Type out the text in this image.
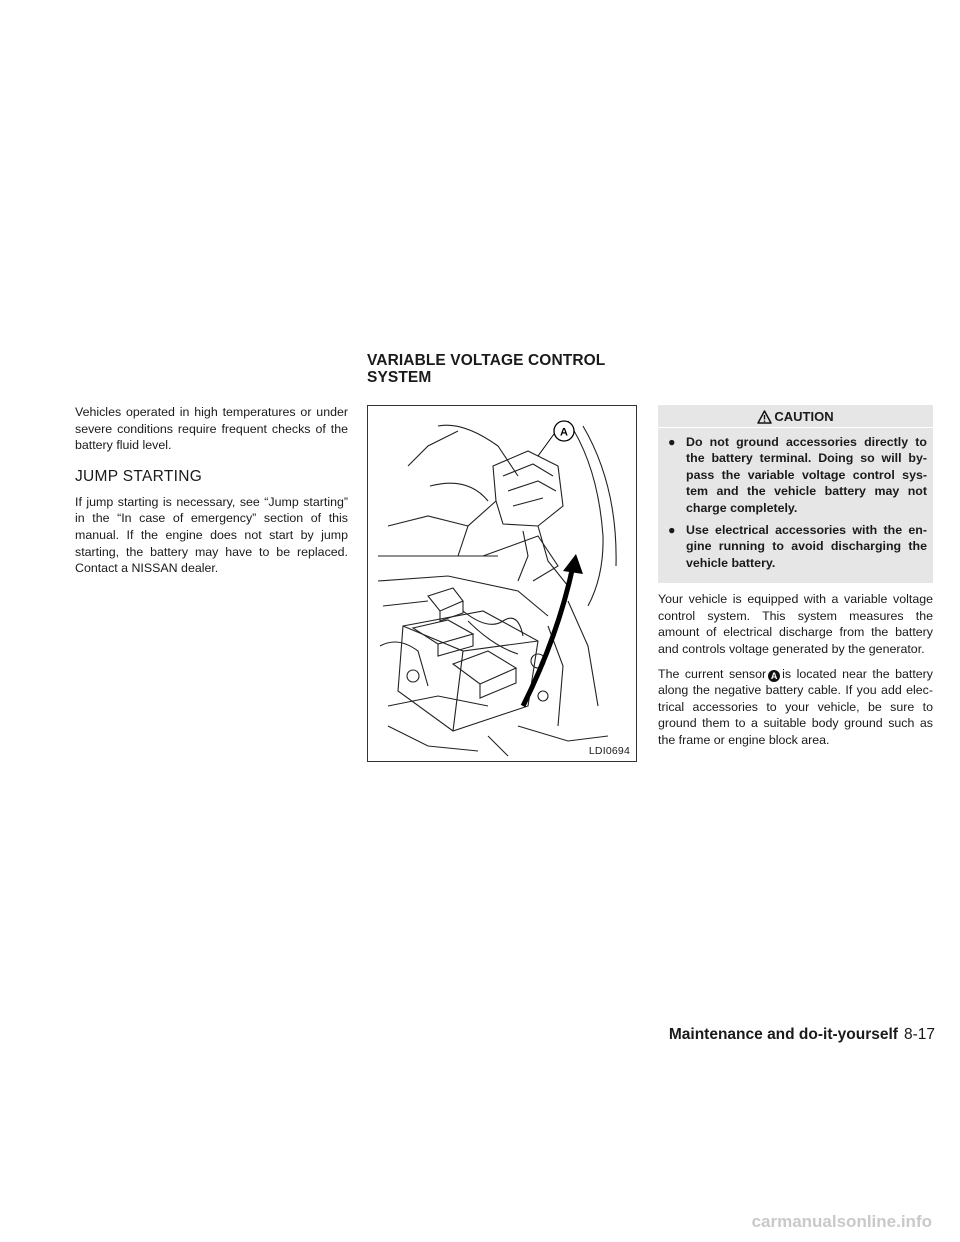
Vehicles operated in high temperatures or under severe conditions require frequent checks of the battery fluid level.

JUMP STARTING

If jump starting is necessary, see “Jump starting” in the “In case of emergency” section of this manual. If the engine does not start by jump starting, the battery may have to be replaced. Contact a NISSAN dealer.

VARIABLE VOLTAGE CONTROL
SYSTEM
A
LDI0694
CAUTION
● Do not ground accessories directly to the battery terminal. Doing so will by-pass the variable voltage control sys-tem and the vehicle battery may not charge completely.
● Use electrical accessories with the en-gine running to avoid discharging the vehicle battery.

Your vehicle is equipped with a variable voltage control system. This system measures the amount of electrical discharge from the battery and controls voltage generated by the generator.

The current sensor A is located near the battery along the negative battery cable. If you add elec-trical accessories to your vehicle, be sure to ground them to a suitable body ground such as the frame or engine block area.

Maintenance and do-it-yourself 8-17
carmanualsonline.info
